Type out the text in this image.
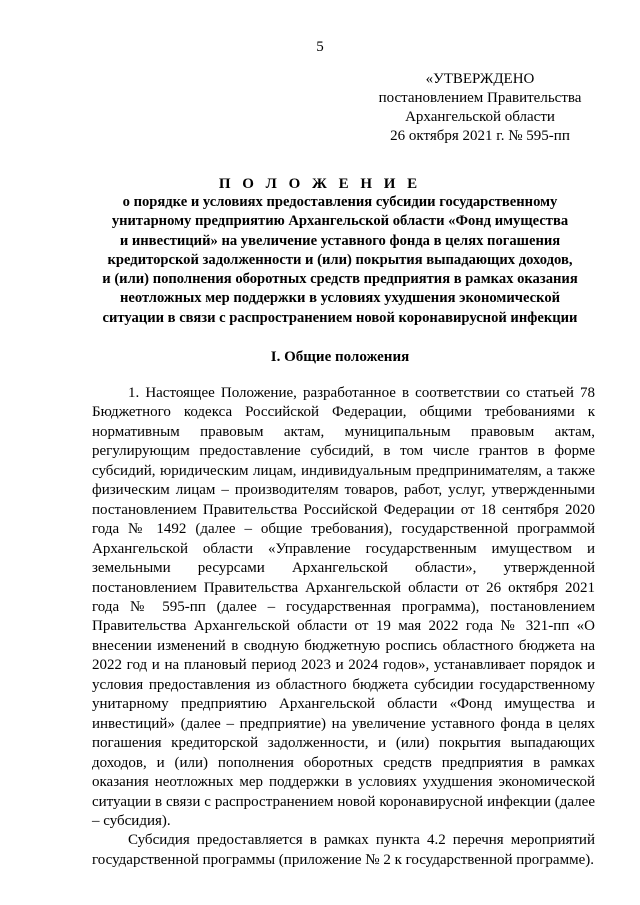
5
«УТВЕРЖДЕНО
постановлением Правительства
Архангельской области
26 октября 2021 г. № 595-пп
П О Л О Ж Е Н И Е
о порядке и условиях предоставления субсидии государственному
унитарному предприятию Архангельской области «Фонд имущества
и инвестиций» на увеличение уставного фонда в целях погашения
кредиторской задолженности и (или) покрытия выпадающих доходов,
и (или) пополнения оборотных средств предприятия в рамках оказания
неотложных мер поддержки в условиях ухудшения экономической
ситуации в связи с распространением новой коронавирусной инфекции
I. Общие положения

1. Настоящее Положение, разработанное в соответствии со статьей 78 Бюджетного кодекса Российской Федерации, общими требованиями к нормативным правовым актам, муниципальным правовым актам, регулирующим предоставление субсидий, в том числе грантов в форме субсидий, юридическим лицам, индивидуальным предпринимателям, а также физическим лицам – производителям товаров, работ, услуг, утвержденными постановлением Правительства Российской Федерации от 18 сентября 2020 года № 1492 (далее – общие требования), государственной программой Архангельской области «Управление государственным имуществом и земельными ресурсами Архангельской области», утвержденной постановлением Правительства Архангельской области от 26 октября 2021 года № 595-пп (далее – государственная программа), постановлением Правительства Архангельской области от 19 мая 2022 года № 321-пп «О внесении изменений в сводную бюджетную роспись областного бюджета на 2022 год и на плановый период 2023 и 2024 годов», устанавливает порядок и условия предоставления из областного бюджета субсидии государственному унитарному предприятию Архангельской области «Фонд имущества и инвестиций» (далее – предприятие) на увеличение уставного фонда в целях погашения кредиторской задолженности, и (или) покрытия выпадающих доходов, и (или) пополнения оборотных средств предприятия в рамках оказания неотложных мер поддержки в условиях ухудшения экономической ситуации в связи с распространением новой коронавирусной инфекции (далее – субсидия).

Субсидия предоставляется в рамках пункта 4.2 перечня мероприятий государственной программы (приложение № 2 к государственной программе).
